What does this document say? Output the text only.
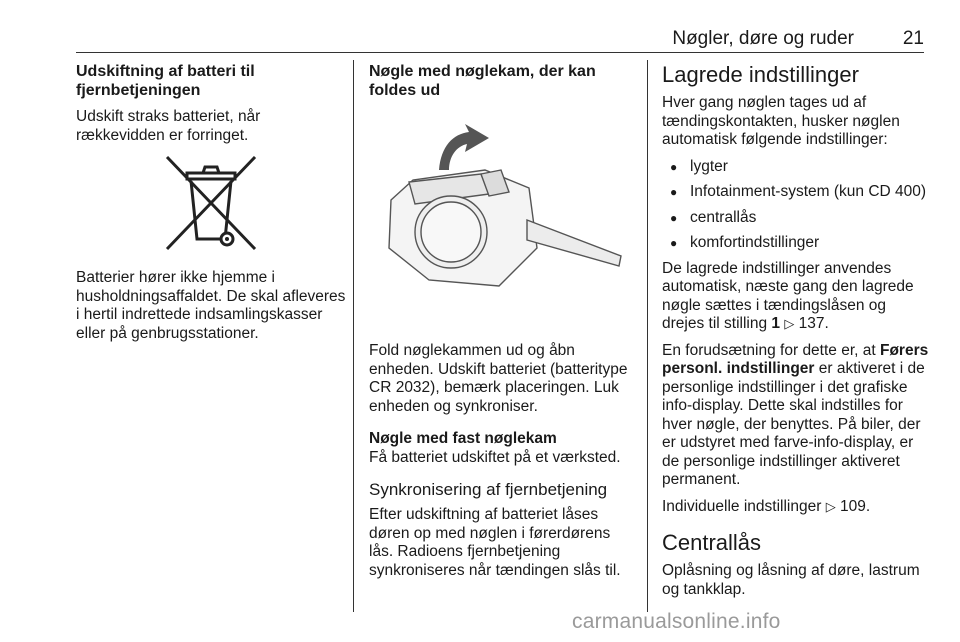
Nøgler, døre og ruder	21
Udskiftning af batteri til fjernbetjeningen

Udskift straks batteriet, når rækkevidden er forringet.

Batterier hører ikke hjemme i husholdningsaffaldet. De skal afleveres i hertil indrettede indsamlingskasser eller på genbrugsstationer.

Nøgle med nøglekam, der kan foldes ud

Fold nøglekammen ud og åbn enheden. Udskift batteriet (batteritype CR 2032), bemærk placeringen. Luk enheden og synkroniser.

Nøgle med fast nøglekam

Få batteriet udskiftet på et værksted.

Synkronisering af fjernbetjening

Efter udskiftning af batteriet låses døren op med nøglen i førerdørens lås. Radioens fjernbetjening synkroniseres når tændingen slås til.

Lagrede indstillinger

Hver gang nøglen tages ud af tændingskontakten, husker nøglen automatisk følgende indstillinger:

● lygter
● Infotainment-system (kun CD 400)
● centrallås
● komfortindstillinger

De lagrede indstillinger anvendes automatisk, næste gang den lagrede nøgle sættes i tændingslåsen og drejes til stilling 1 ▷ 137.

En forudsætning for dette er, at Førers personl. indstillinger er aktiveret i de personlige indstillinger i det grafiske info-display. Dette skal indstilles for hver nøgle, der benyttes. På biler, der er udstyret med farve-info-display, er de personlige indstillinger aktiveret permanent.

Individuelle indstillinger ▷ 109.

Centrallås

Oplåsning og låsning af døre, lastrum og tankklap.

carmanualsonline.info
